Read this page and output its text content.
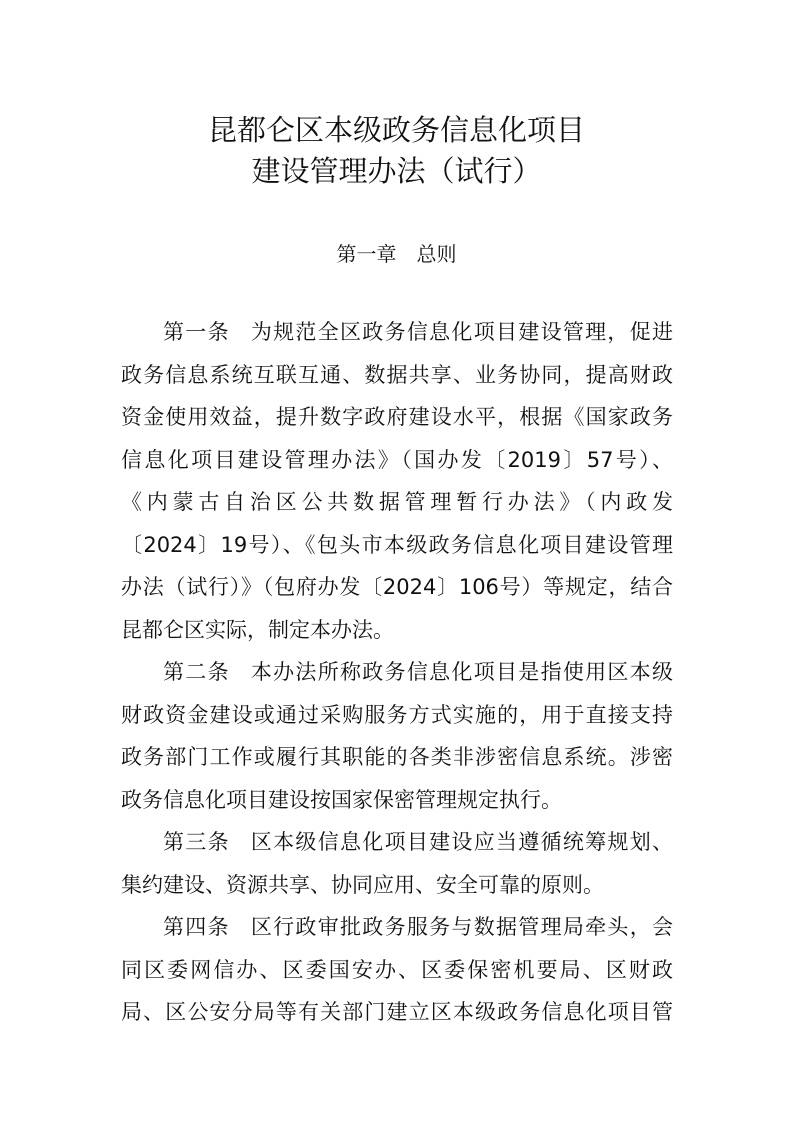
昆都仑区本级政务信息化项目
建设管理办法（试行）
第一章　 总则
第一条 为规范全区政务信息化项目建设管理，促进
政务信息系统互联互通、数据共享、业务协同，提高财政
资金使用效益，提升数字政府建设水平，根据《国家政务
信息化项目建设管理办法》（国办发〔2019〕57号）、
《内蒙古自治区公共数据管理暂行办法》（内政发
〔2024〕19号）、《包头市本级政务信息化项目建设管理
办法（试行）》（包府办发〔2024〕106号）等规定，结合
昆都仑区实际，制定本办法。
第二条 本办法所称政务信息化项目是指使用区本级
财政资金建设或通过采购服务方式实施的，用于直接支持
政务部门工作或履行其职能的各类非涉密信息系统。涉密
政务信息化项目建设按国家保密管理规定执行。
第三条 区本级信息化项目建设应当遵循统筹规划、
集约建设、资源共享、协同应用、安全可靠的原则。
第四条 区行政审批政务服务与数据管理局牵头，会
同区委网信办、区委国安办、区委保密机要局、区财政
局、区公安分局等有关部门建立区本级政务信息化项目管
